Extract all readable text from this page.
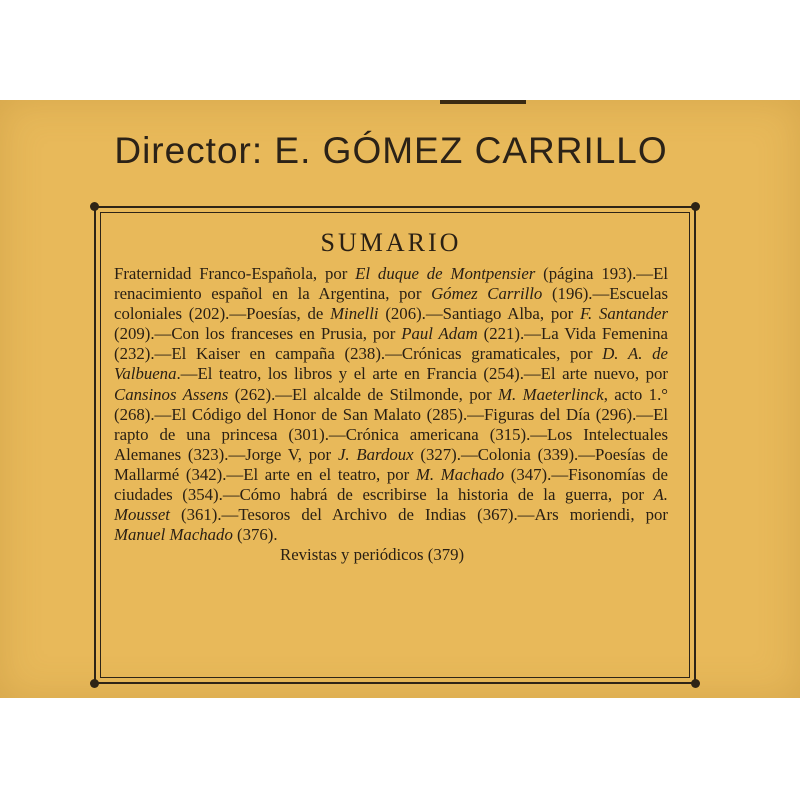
Director: E. GÓMEZ CARRILLO
SUMARIO
Fraternidad Franco-Española, por El duque de Montpensier (página 193).—El renacimiento español en la Argentina, por Gómez Carrillo (196).—Escuelas coloniales (202).—Poesías, de Minelli (206).—Santiago Alba, por F. Santander (209).—Con los franceses en Prusia, por Paul Adam (221).—La Vida Femenina (232).—El Kaiser en campaña (238).—Crónicas gramaticales, por D. A. de Valbuena.—El teatro, los libros y el arte en Francia (254).—El arte nuevo, por Cansinos Assens (262).—El alcalde de Stilmonde, por M. Maeterlinck, acto 1.° (268).—El Código del Honor de San Malato (285).—Figuras del Día (296).—El rapto de una princesa (301).—Crónica americana (315).—Los Intelectuales Alemanes (323).—Jorge V, por J. Bardoux (327).—Colonia (339).—Poesías de Mallarmé (342).—El arte en el teatro, por M. Machado (347).—Fisonomías de ciudades (354).—Cómo habrá de escribirse la historia de la guerra, por A. Mousset (361).—Tesoros del Archivo de Indias (367).—Ars moriendi, por Manuel Machado (376).
Revistas y periódicos (379)
